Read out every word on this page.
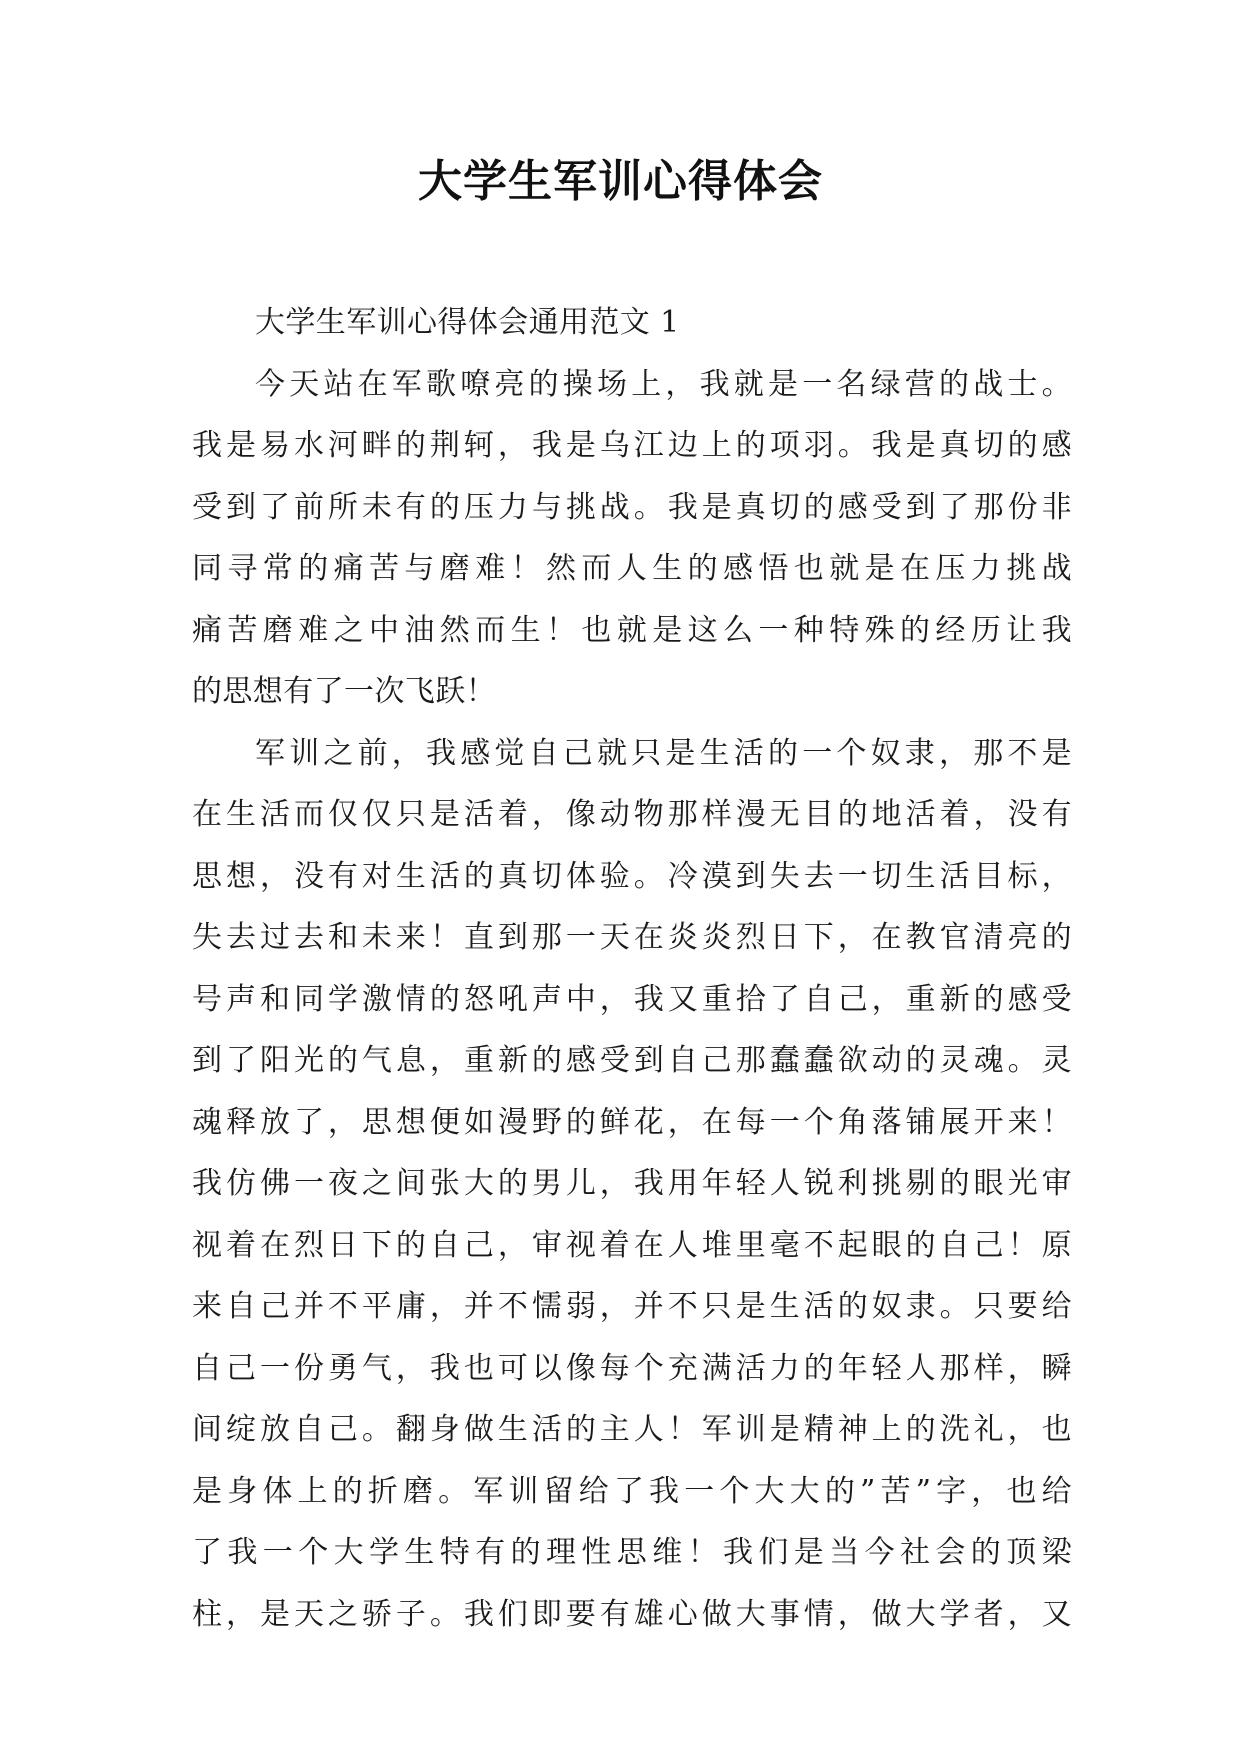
大学生军训心得体会
大学生军训心得体会通用范文 1
今天站在军歌嘹亮的操场上，我就是一名绿营的战士。
我是易水河畔的荆轲，我是乌江边上的项羽。我是真切的感
受到了前所未有的压力与挑战。我是真切的感受到了那份非
同寻常的痛苦与磨难！然而人生的感悟也就是在压力挑战
痛苦磨难之中油然而生！也就是这么一种特殊的经历让我
的思想有了一次飞跃！
军训之前，我感觉自己就只是生活的一个奴隶，那不是
在生活而仅仅只是活着，像动物那样漫无目的地活着，没有
思想，没有对生活的真切体验。冷漠到失去一切生活目标，
失去过去和未来！直到那一天在炎炎烈日下，在教官清亮的
号声和同学激情的怒吼声中，我又重拾了自己，重新的感受
到了阳光的气息，重新的感受到自己那蠢蠢欲动的灵魂。灵
魂释放了，思想便如漫野的鲜花，在每一个角落铺展开来！
我仿佛一夜之间张大的男儿，我用年轻人锐利挑剔的眼光审
视着在烈日下的自己，审视着在人堆里毫不起眼的自己！原
来自己并不平庸，并不懦弱，并不只是生活的奴隶。只要给
自己一份勇气，我也可以像每个充满活力的年轻人那样，瞬
间绽放自己。翻身做生活的主人！军训是精神上的洗礼，也
是身体上的折磨。军训留给了我一个大大的”苦”字，也给
了我一个大学生特有的理性思维！我们是当今社会的顶梁
柱，是天之骄子。我们即要有雄心做大事情，做大学者，又
